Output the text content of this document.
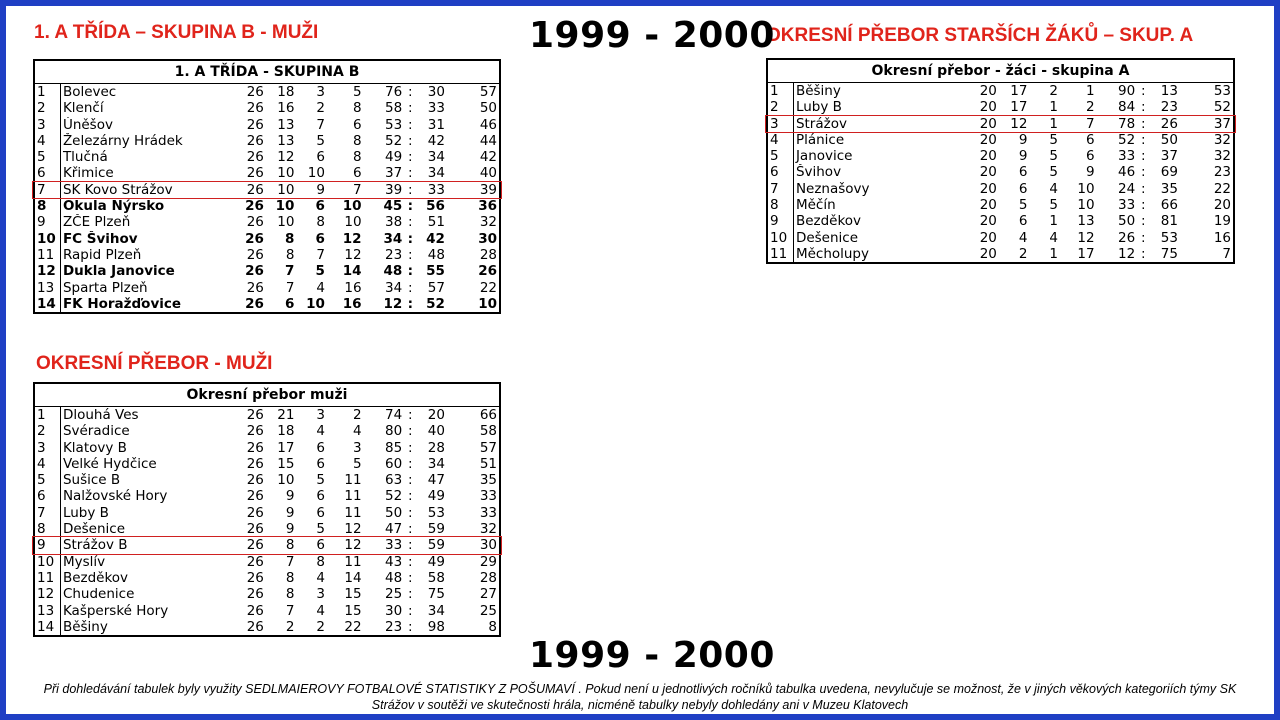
1. A TŘÍDA – SKUPINA B - MUŽI
OKRESNÍ PŘEBOR - MUŽI
OKRESNÍ PŘEBOR STARŠÍCH ŽÁKŮ – SKUP. A
1999 - 2000
1999 - 2000
1. A TŘÍDA - SKUPINA B									
1	Bolevec	26	18	3	5	76	:	30	57
2	Klenčí	26	16	2	8	58	:	33	50
3	Úněšov	26	13	7	6	53	:	31	46
4	Železárny Hrádek	26	13	5	8	52	:	42	44
5	Tlučná	26	12	6	8	49	:	34	42
6	Křimice	26	10	10	6	37	:	34	40
7	SK Kovo Strážov	26	10	9	7	39	:	33	39
8	Okula Nýrsko	26	10	6	10	45	:	56	36
9	ZČE Plzeň	26	10	8	10	38	:	51	32
10	FC Švihov	26	8	6	12	34	:	42	30
11	Rapid Plzeň	26	8	7	12	23	:	48	28
12	Dukla Janovice	26	7	5	14	48	:	55	26
13	Sparta Plzeň	26	7	4	16	34	:	57	22
14	FK Horažďovice	26	6	10	16	12	:	52	10
Okresní přebor muži									
1	Dlouhá Ves	26	21	3	2	74	:	20	66
2	Svéradice	26	18	4	4	80	:	40	58
3	Klatovy B	26	17	6	3	85	:	28	57
4	Velké Hydčice	26	15	6	5	60	:	34	51
5	Sušice B	26	10	5	11	63	:	47	35
6	Nalžovské Hory	26	9	6	11	52	:	49	33
7	Luby B	26	9	6	11	50	:	53	33
8	Dešenice	26	9	5	12	47	:	59	32
9	Strážov B	26	8	6	12	33	:	59	30
10	Myslív	26	7	8	11	43	:	49	29
11	Bezděkov	26	8	4	14	48	:	58	28
12	Chudenice	26	8	3	15	25	:	75	27
13	Kašperské Hory	26	7	4	15	30	:	34	25
14	Běšiny	26	2	2	22	23	:	98	8
Okresní přebor - žáci - skupina A									
1	Běšiny	20	17	2	1	90	:	13	53
2	Luby B	20	17	1	2	84	:	23	52
3	Strážov	20	12	1	7	78	:	26	37
4	Plánice	20	9	5	6	52	:	50	32
5	Janovice	20	9	5	6	33	:	37	32
6	Švihov	20	6	5	9	46	:	69	23
7	Neznašovy	20	6	4	10	24	:	35	22
8	Měčín	20	5	5	10	33	:	66	20
9	Bezděkov	20	6	1	13	50	:	81	19
10	Dešenice	20	4	4	12	26	:	53	16
11	Měcholupy	20	2	1	17	12	:	75	7
Při dohledávání tabulek byly využity SEDLMAIEROVY FOTBALOVÉ STATISTIKY Z POŠUMAVÍ . Pokud není u jednotlivých ročníků tabulka uvedena, nevylučuje se možnost, že v jiných věkových kategoriích týmy SK Strážov v soutěži ve skutečnosti hrála, nicméně tabulky nebyly dohledány ani v Muzeu Klatovech
